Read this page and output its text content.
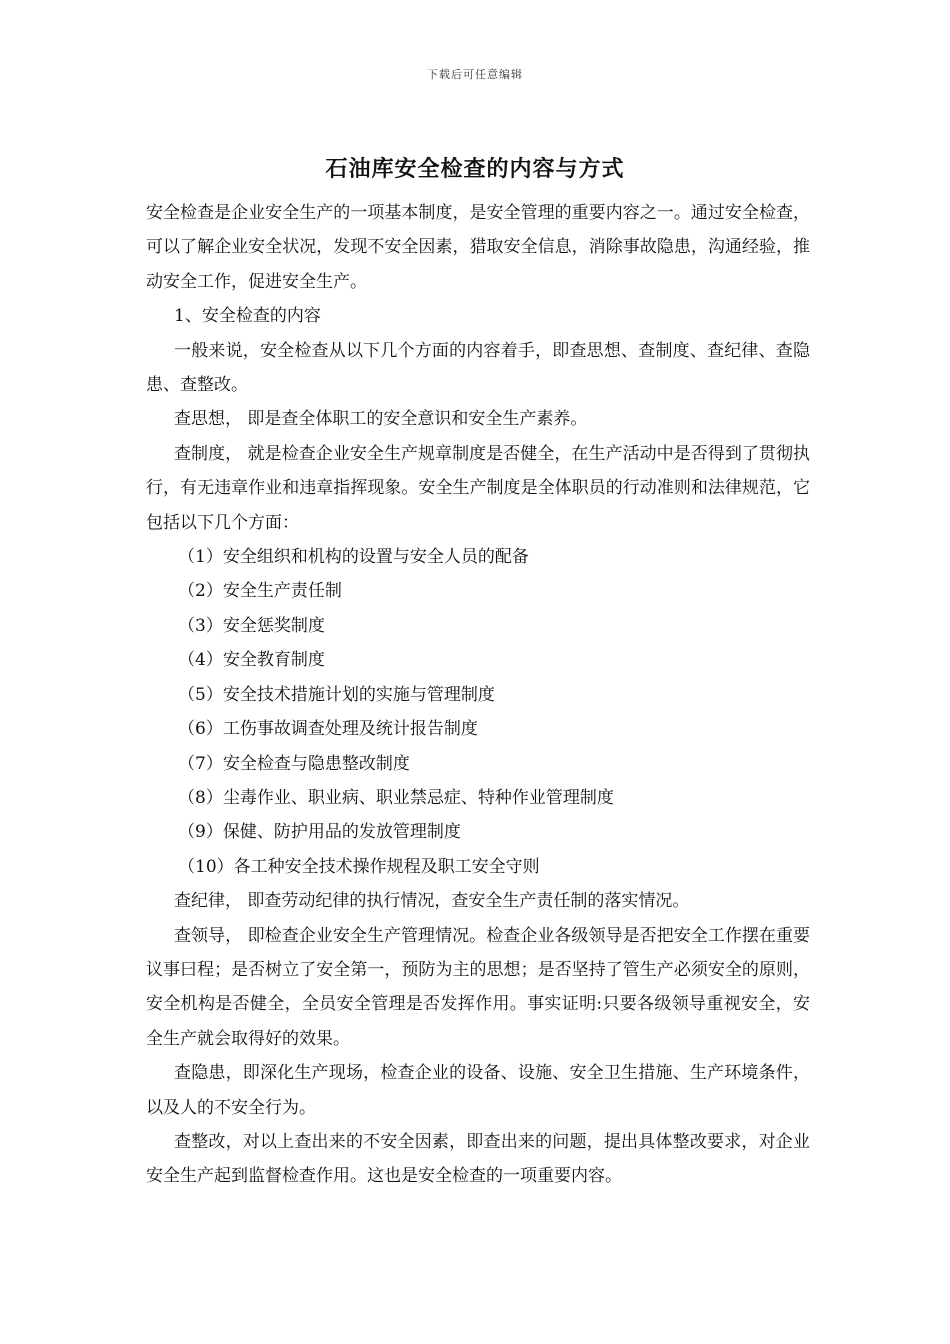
下载后可任意编辑
石油库安全检查的内容与方式

安全检查是企业安全生产的一项基本制度，是安全管理的重要内容之一。通过安全检查，可以了解企业安全状况，发现不安全因素，猎取安全信息，消除事故隐患，沟通经验，推动安全工作，促进安全生产。

1、安全检查的内容

一般来说，安全检查从以下几个方面的内容着手，即查思想、查制度、查纪律、查隐患、查整改。

查思想， 即是查全体职工的安全意识和安全生产素养。

查制度， 就是检查企业安全生产规章制度是否健全，在生产活动中是否得到了贯彻执行，有无违章作业和违章指挥现象。安全生产制度是全体职员的行动准则和法律规范，它包括以下几个方面：

（1）安全组织和机构的设置与安全人员的配备

（2）安全生产责任制

（3）安全惩奖制度

（4）安全教育制度

（5）安全技术措施计划的实施与管理制度

（6）工伤事故调查处理及统计报告制度

（7）安全检查与隐患整改制度

（8）尘毒作业、职业病、职业禁忌症、特种作业管理制度

（9）保健、防护用品的发放管理制度

（10）各工种安全技术操作规程及职工安全守则

查纪律， 即查劳动纪律的执行情况，查安全生产责任制的落实情况。

查领导， 即检查企业安全生产管理情况。检查企业各级领导是否把安全工作摆在重要议事曰程；是否树立了安全第一，预防为主的思想；是否坚持了管生产必须安全的原则，安全机构是否健全，全员安全管理是否发挥作用。事实证明:只要各级领导重视安全，安全生产就会取得好的效果。

查隐患，即深化生产现场，检查企业的设备、设施、安全卫生措施、生产环境条件，以及人的不安全行为。

查整改，对以上查出来的不安全因素，即查出来的问题，提出具体整改要求，对企业安全生产起到监督检查作用。这也是安全检查的一项重要内容。
